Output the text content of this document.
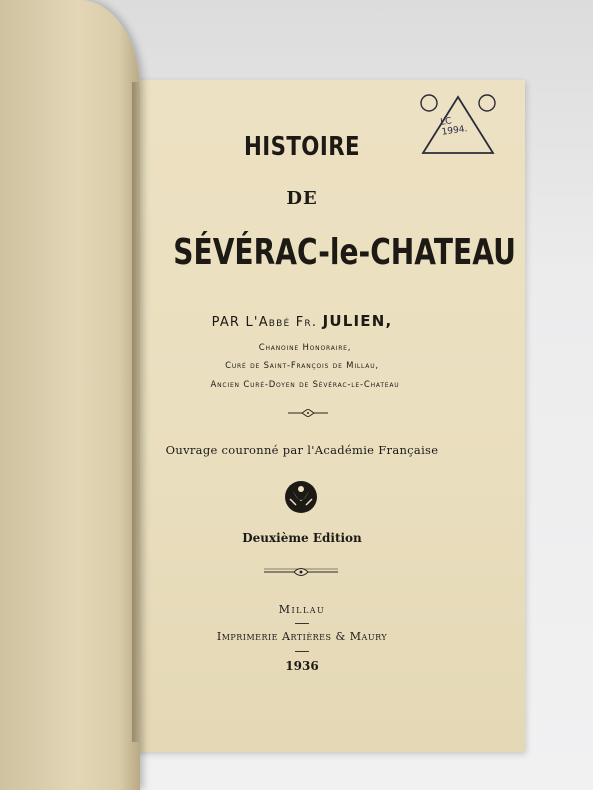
LC
1994.

HISTOIRE

DE

SÉVÉRAC-le-CHATEAU

PAR L'Abbé Fr. JULIEN,

Chanoine Honoraire,

Curé de Saint-François de Millau,

Ancien Curé-Doyen de Sévérac-le-Chateau

Ouvrage couronné par l'Académie Française

Deuxième Edition

Millau

Imprimerie Artières & Maury

1936
